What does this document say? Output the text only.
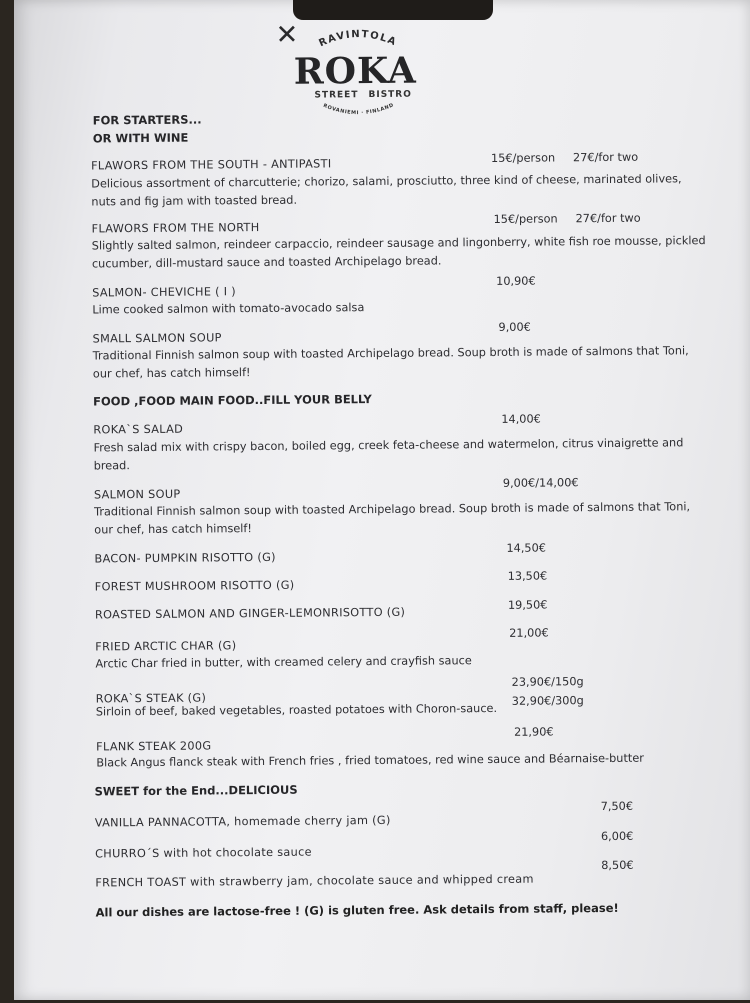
RAVINTOLA
ROVANIEMI · FINLAND
ROKA
STREET BISTRO
FOR STARTERS...
OR WITH WINE
FLAWORS FROM THE SOUTH - ANTIPASTI	15€/person 27€/for two
Delicious assortment of charcutterie; chorizo, salami, prosciutto, three kind of cheese, marinated olives,
nuts and fig jam with toasted bread.
FLAWORS FROM THE NORTH
15€/person 27€/for two
Slightly salted salmon, reindeer carpaccio, reindeer sausage and lingonberry, white fish roe mousse, pickled
cucumber, dill-mustard sauce and toasted Archipelago bread.
SALMON- CHEVICHE ( I )
10,90€
Lime cooked salmon with tomato-avocado salsa
SMALL SALMON SOUP
9,00€
Traditional Finnish salmon soup with toasted Archipelago bread. Soup broth is made of salmons that Toni,
our chef, has catch himself!
FOOD ,FOOD MAIN FOOD..FILL YOUR BELLY
ROKA`S SALAD
14,00€
Fresh salad mix with crispy bacon, boiled egg, creek feta-cheese and watermelon, citrus vinaigrette and
bread.
SALMON SOUP
9,00€/14,00€
Traditional Finnish salmon soup with toasted Archipelago bread. Soup broth is made of salmons that Toni,
our chef, has catch himself!
BACON- PUMPKIN RISOTTO (G)
14,50€
FOREST MUSHROOM RISOTTO (G)
13,50€
ROASTED SALMON AND GINGER-LEMONRISOTTO (G)
19,50€
FRIED ARCTIC CHAR (G)
21,00€
Arctic Char fried in butter, with creamed celery and crayfish sauce
ROKA`S STEAK (G)
23,90€/150g
Sirloin of beef, baked vegetables, roasted potatoes with Choron-sauce.
32,90€/300g
FLANK STEAK 200G
21,90€
Black Angus flanck steak with French fries , fried tomatoes, red wine sauce and Béarnaise-butter
SWEET for the End...DELICIOUS
VANILLA PANNACOTTA, homemade cherry jam (G)
7,50€
CHURRO´S with hot chocolate sauce
6,00€
FRENCH TOAST with strawberry jam, chocolate sauce and whipped cream
8,50€
All our dishes are lactose-free ! (G) is gluten free. Ask details from staff, please!
